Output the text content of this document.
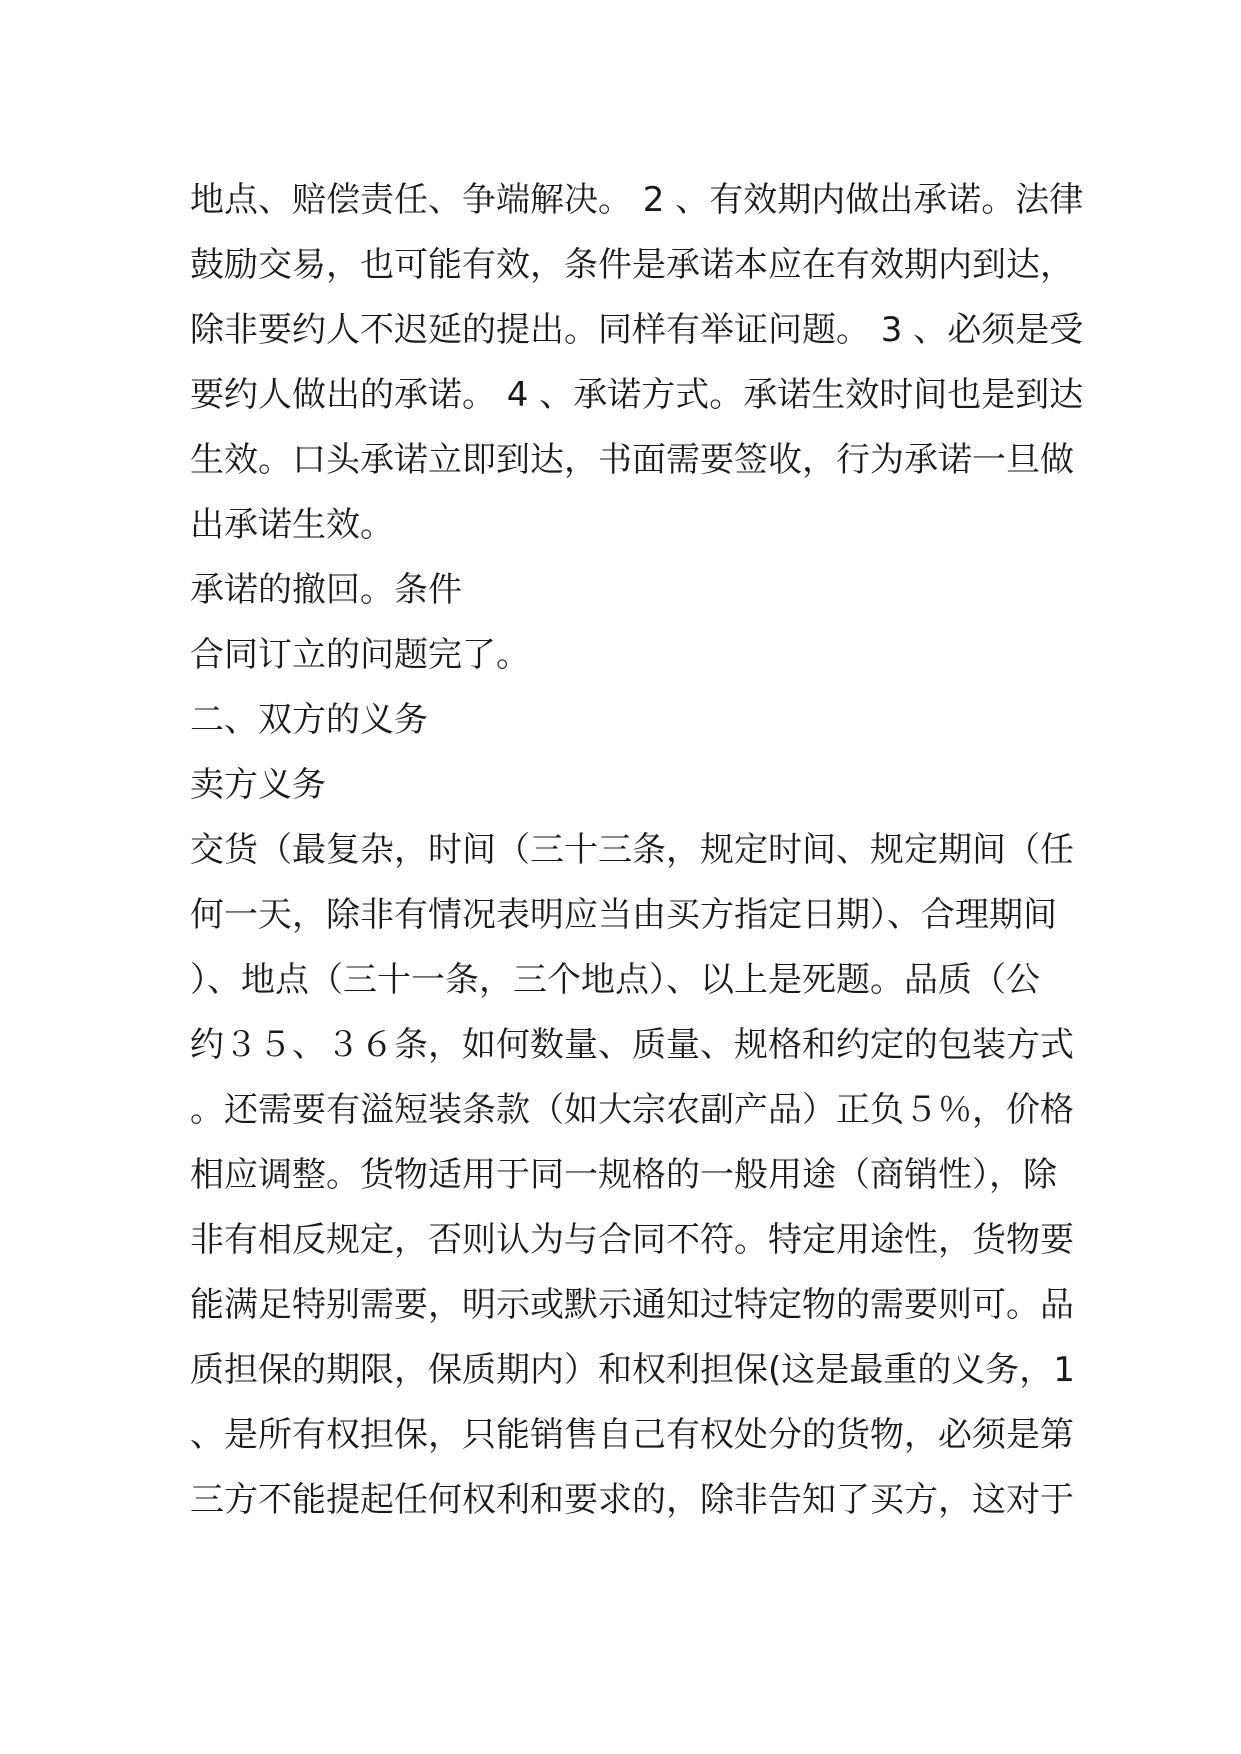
地点、赔偿责任、争端解决。 2 、有效期内做出承诺。法律
鼓励交易，也可能有效，条件是承诺本应在有效期内到达，
除非要约人不迟延的提出。同样有举证问题。 3 、必须是受
要约人做出的承诺。 4 、承诺方式。承诺生效时间也是到达
生效。口头承诺立即到达，书面需要签收，行为承诺一旦做
出承诺生效。
承诺的撤回。条件
合同订立的问题完了。
二、双方的义务
卖方义务
交货（最复杂，时间（三十三条，规定时间、规定期间（任
何一天，除非有情况表明应当由买方指定日期）、合理期间
）、地点（三十一条，三个地点）、以上是死题。品质（公
约３５、３６条，如何数量、质量、规格和约定的包装方式
。还需要有溢短装条款（如大宗农副产品）正负５％，价格
相应调整。货物适用于同一规格的一般用途（商销性），除
非有相反规定，否则认为与合同不符。特定用途性，货物要
能满足特别需要，明示或默示通知过特定物的需要则可。品
质担保的期限，保质期内）和权利担保(这是最重的义务，1
、是所有权担保，只能销售自己有权处分的货物，必须是第
三方不能提起任何权利和要求的，除非告知了买方，这对于
